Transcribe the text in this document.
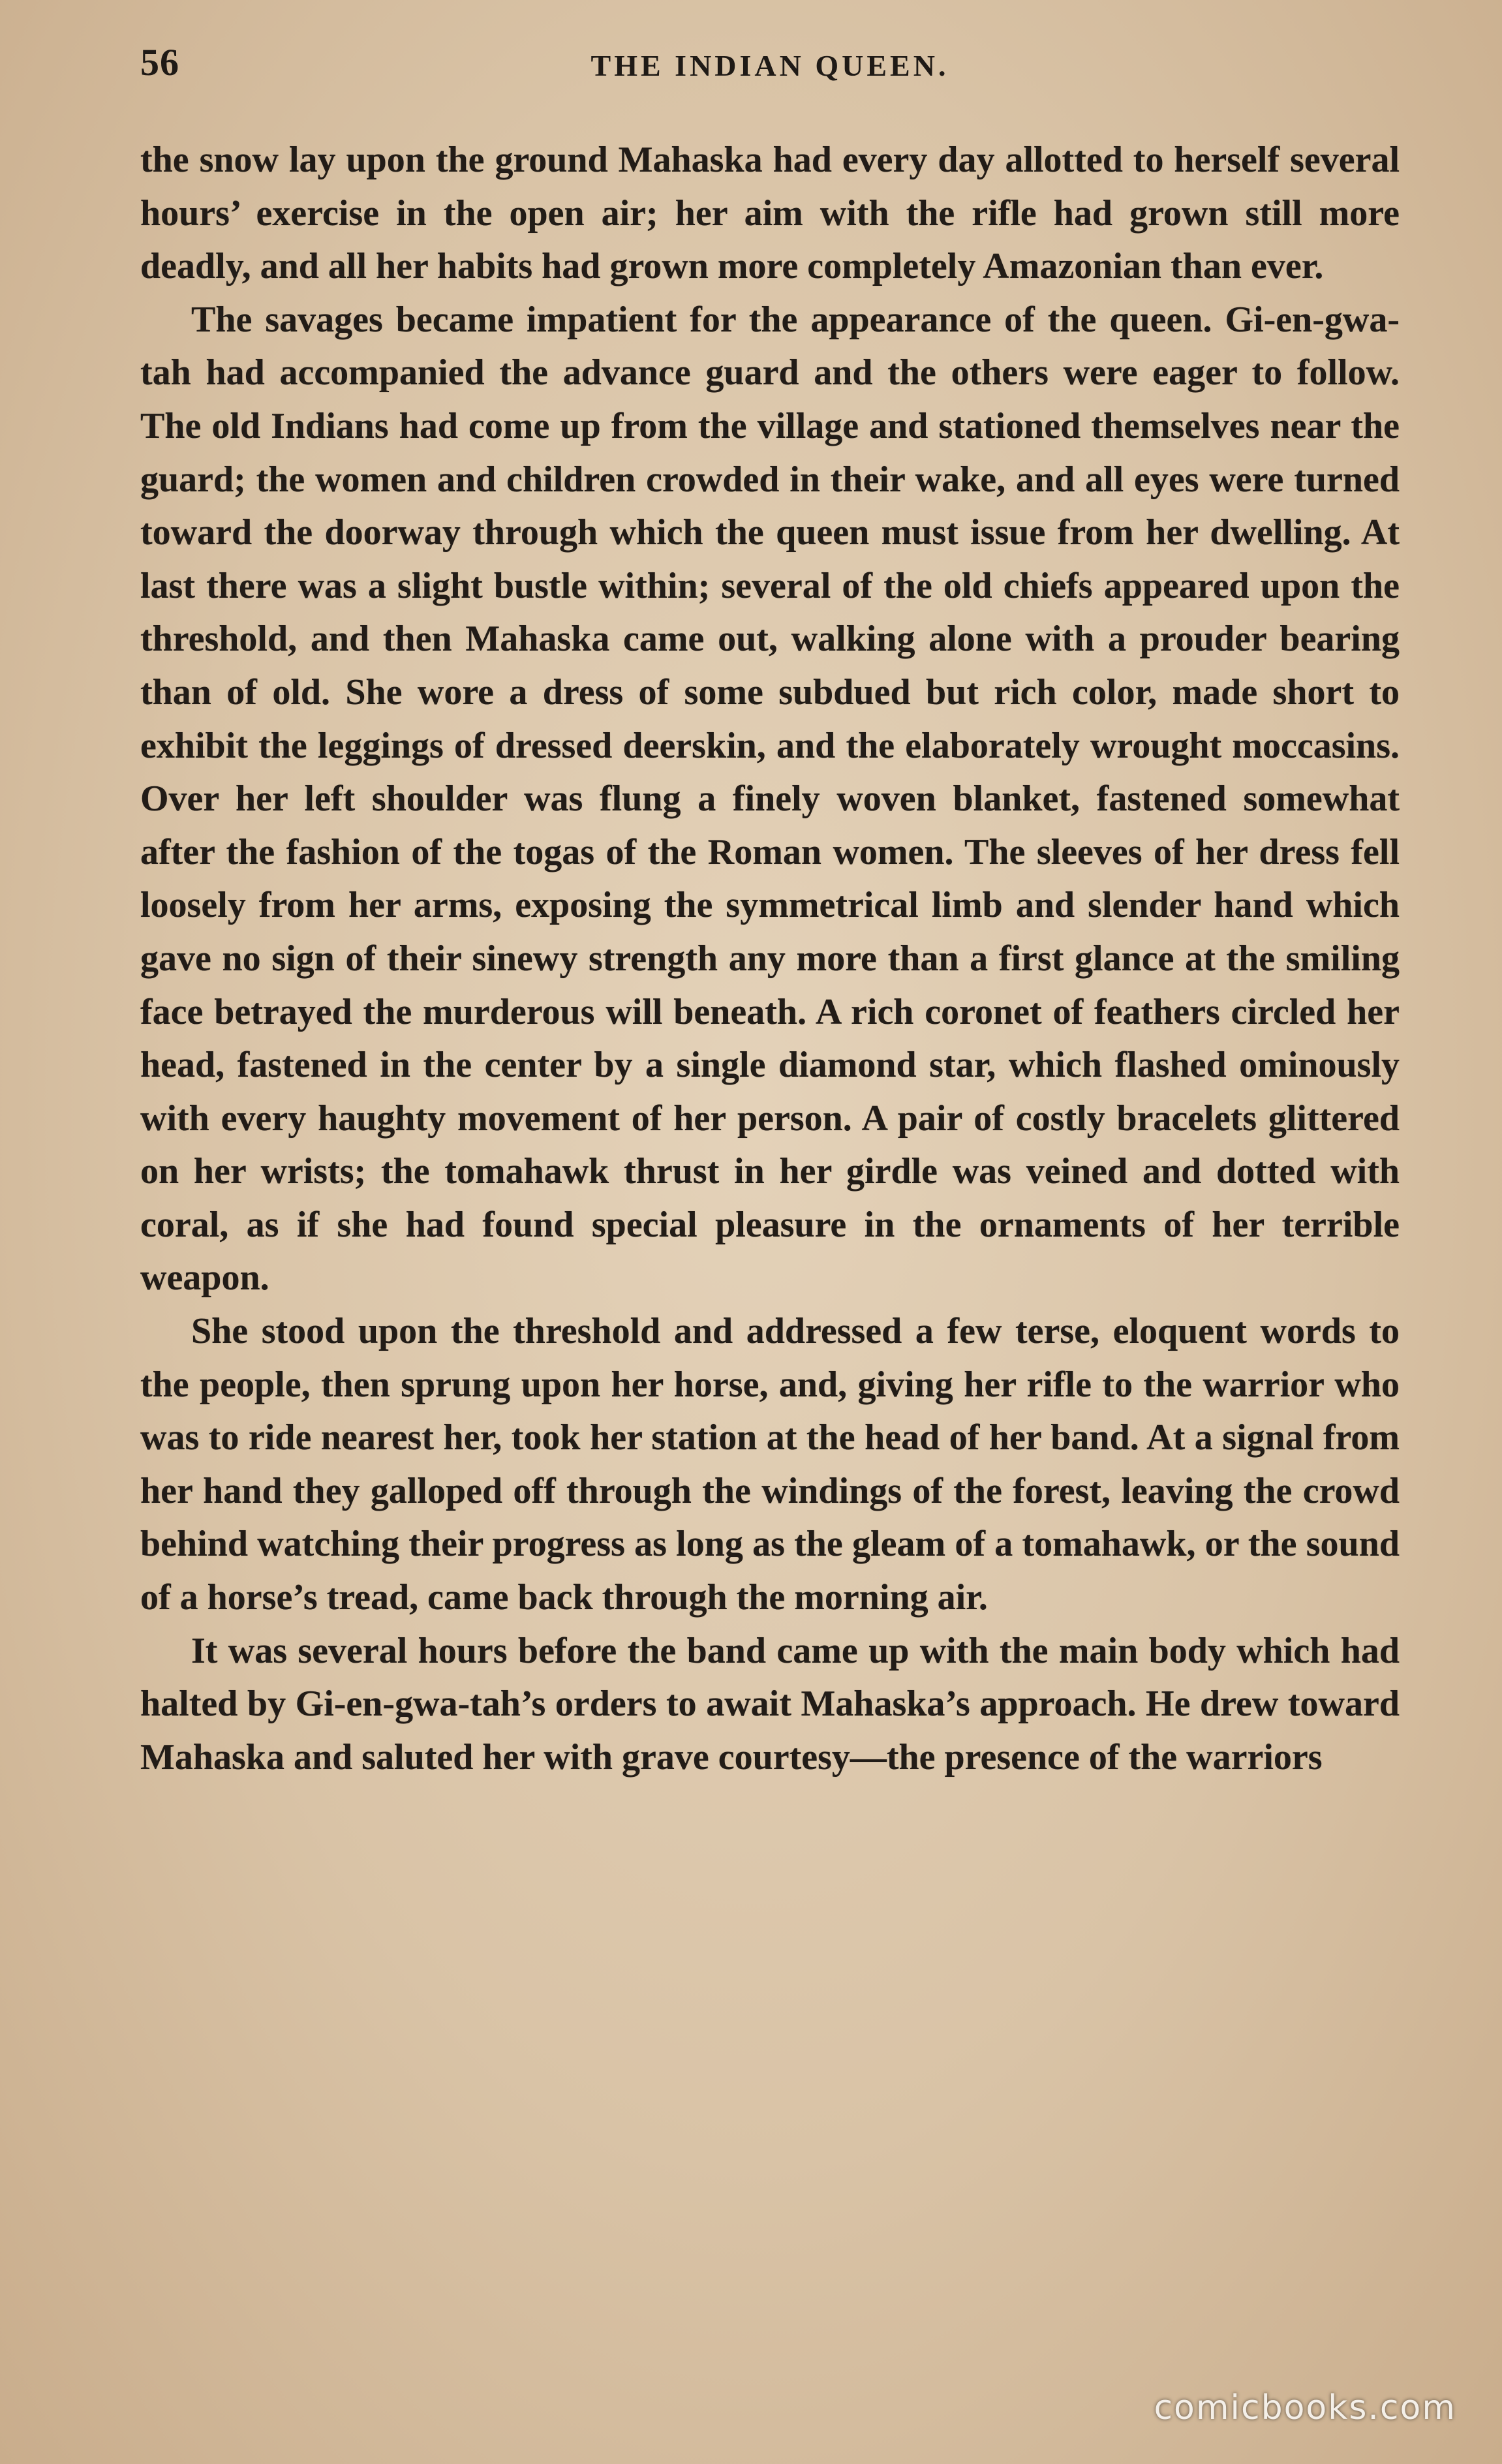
56	THE INDIAN QUEEN.

the snow lay upon the ground Mahaska had every day allotted to herself several hours’ exercise in the open air; her aim with the rifle had grown still more deadly, and all her habits had grown more completely Amazonian than ever.

The savages became impatient for the appearance of the queen. Gi-en-gwa-tah had accompanied the advance guard and the others were eager to follow. The old Indians had come up from the village and stationed themselves near the guard; the women and children crowded in their wake, and all eyes were turned toward the doorway through which the queen must issue from her dwelling. At last there was a slight bustle within; several of the old chiefs appeared upon the threshold, and then Mahaska came out, walking alone with a prouder bearing than of old. She wore a dress of some subdued but rich color, made short to exhibit the leggings of dressed deerskin, and the elaborately wrought moccasins. Over her left shoulder was flung a finely woven blanket, fastened somewhat after the fashion of the togas of the Roman women. The sleeves of her dress fell loosely from her arms, exposing the symmetrical limb and slender hand which gave no sign of their sinewy strength any more than a first glance at the smiling face betrayed the murderous will beneath. A rich coronet of feathers circled her head, fastened in the center by a single diamond star, which flashed ominously with every haughty movement of her person. A pair of costly bracelets glittered on her wrists; the tomahawk thrust in her girdle was veined and dotted with coral, as if she had found special pleasure in the ornaments of her terrible weapon.

She stood upon the threshold and addressed a few terse, eloquent words to the people, then sprung upon her horse, and, giving her rifle to the warrior who was to ride nearest her, took her station at the head of her band. At a signal from her hand they galloped off through the windings of the forest, leaving the crowd behind watching their progress as long as the gleam of a tomahawk, or the sound of a horse’s tread, came back through the morning air.

It was several hours before the band came up with the main body which had halted by Gi-en-gwa-tah’s orders to await Mahaska’s approach. He drew toward Mahaska and saluted her with grave courtesy—the presence of the warriors

comicbooks.com
